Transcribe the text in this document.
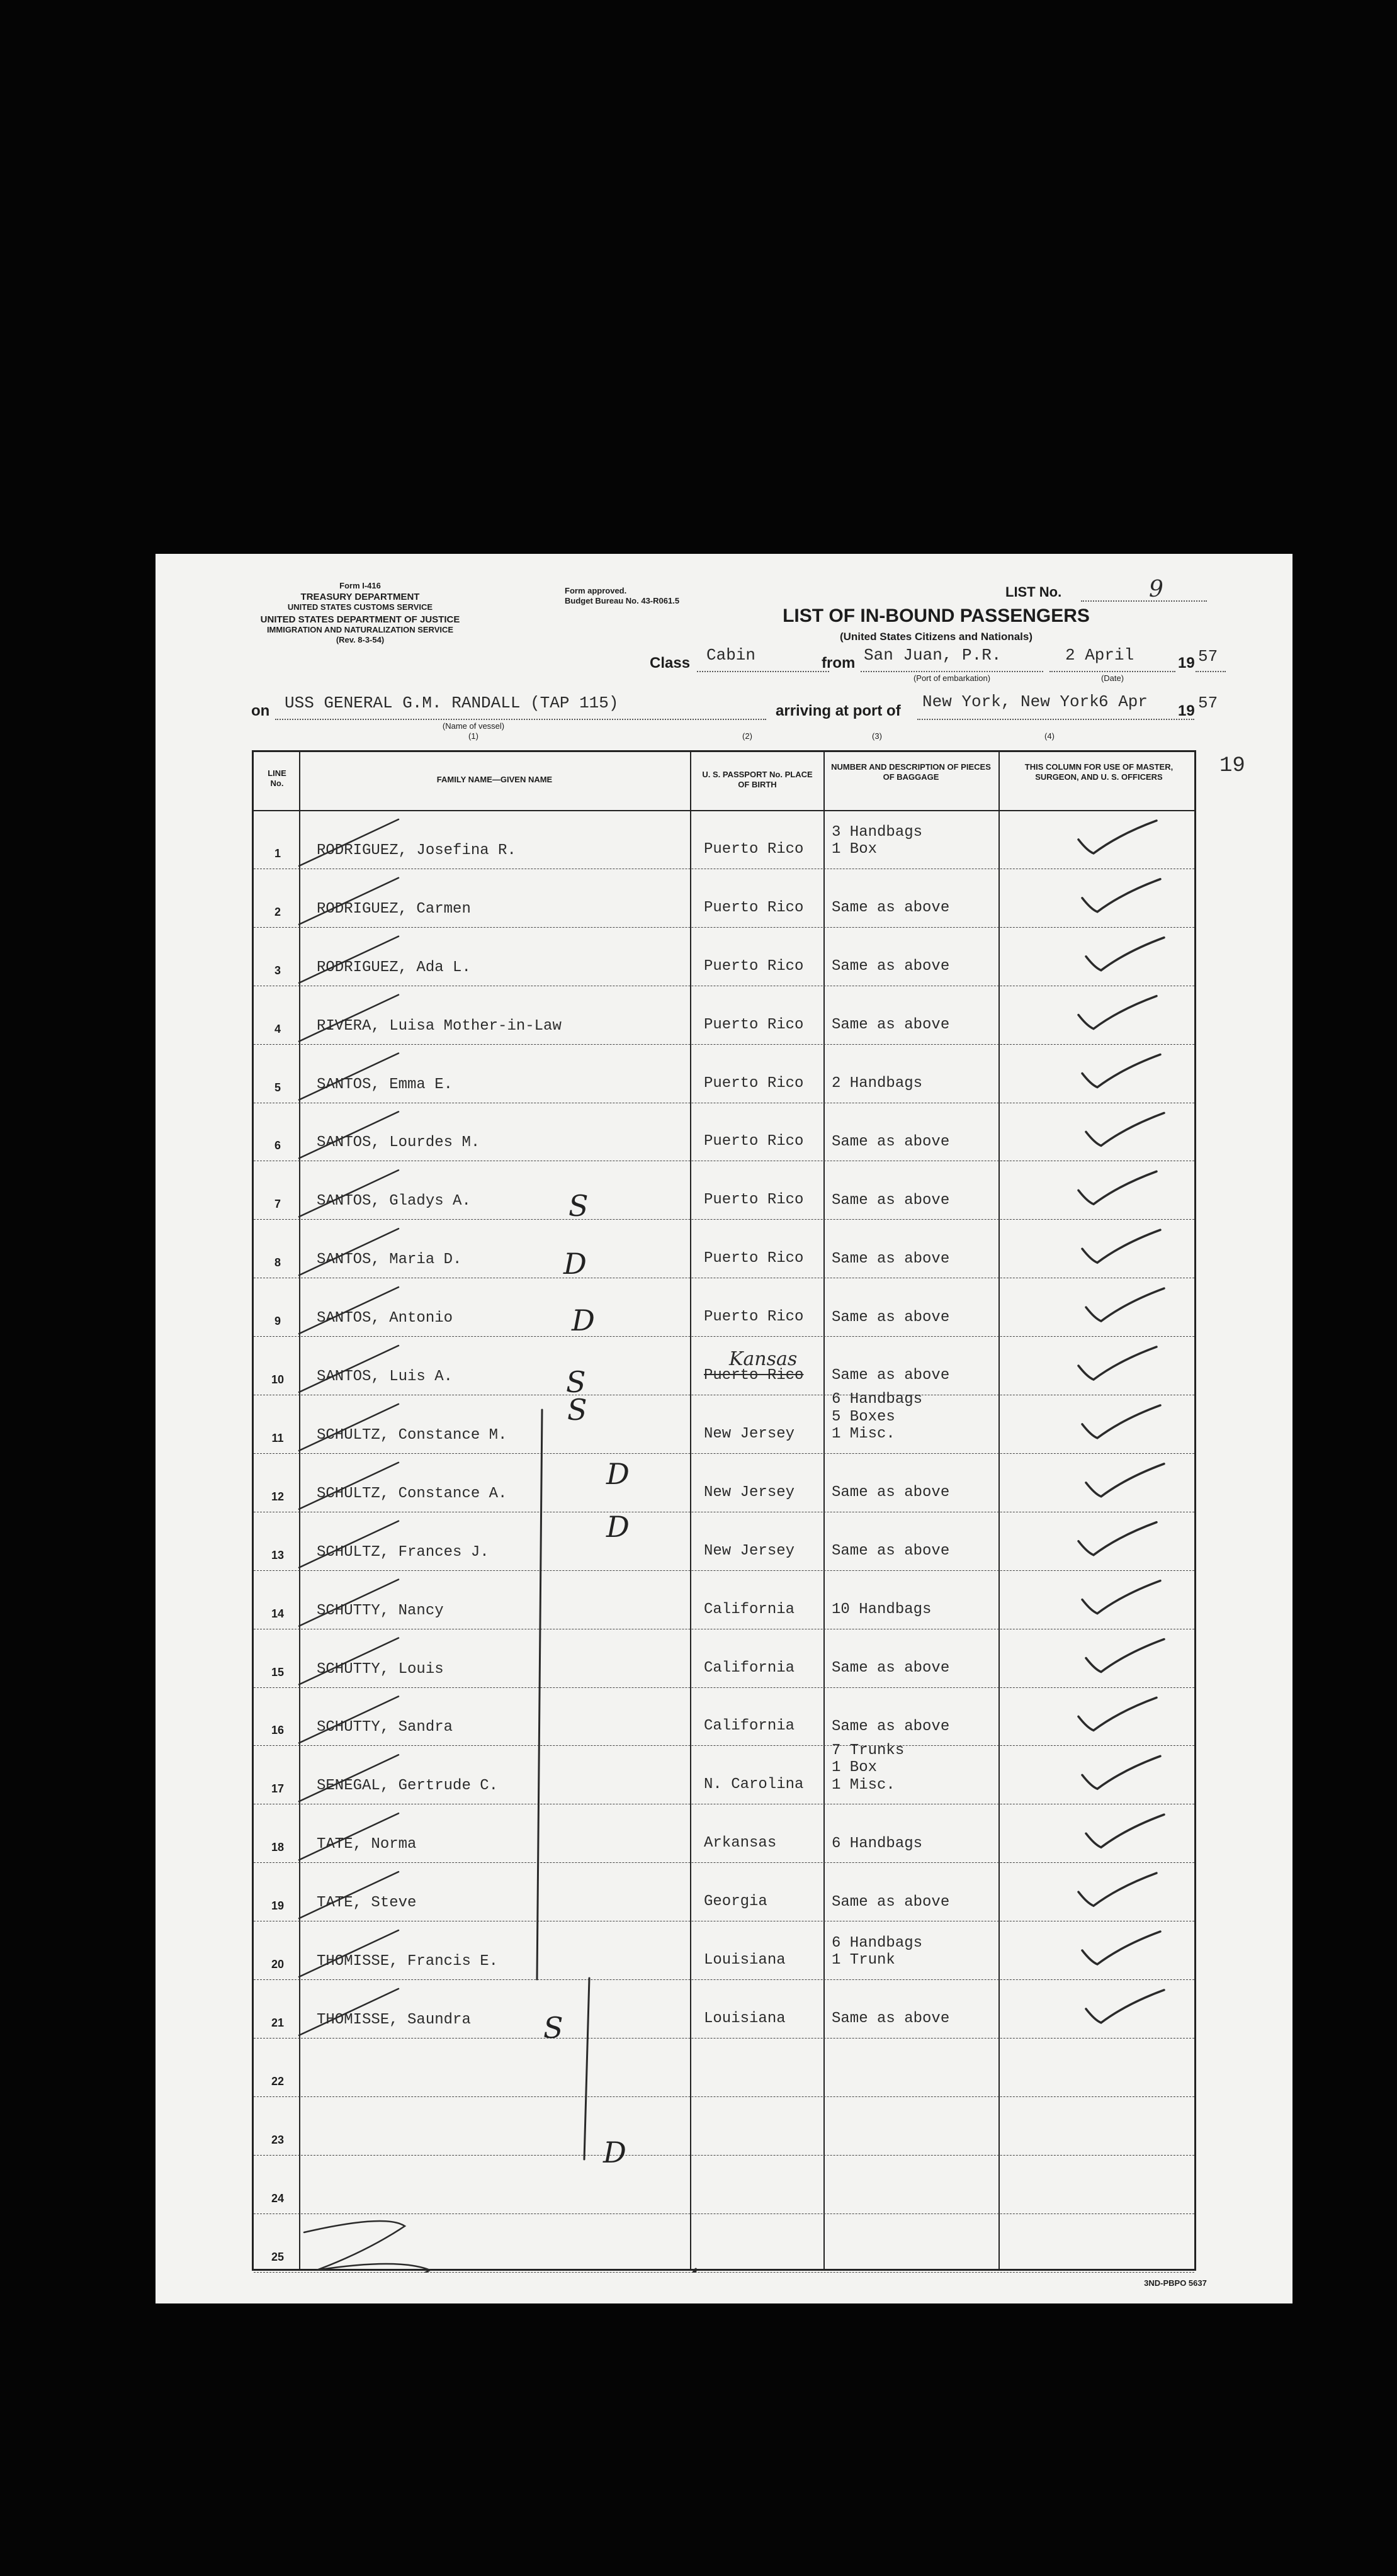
Form I-416
TREASURY DEPARTMENT
UNITED STATES CUSTOMS SERVICE
UNITED STATES DEPARTMENT OF JUSTICE
IMMIGRATION AND NATURALIZATION SERVICE
(Rev. 8-3-54)
Form approved.
Budget Bureau No. 43-R061.5
LIST No.	9
LIST OF IN-BOUND PASSENGERS
(United States Citizens and Nationals)
Class Cabin	from San Juan, P.R.
(Port of embarkation)
2 April
(Date)
19 57
on USS GENERAL G.M. RANDALL (TAP 115)
(Name of vessel)
(1)
arriving at port of New York, New York 6 Apr 19 57
(2)	(3)	(4)
19
LINE No.	FAMILY NAME—GIVEN NAME
U. S. PASSPORT No. PLACE OF BIRTH
NUMBER AND DESCRIPTION OF PIECES OF BAGGAGE
THIS COLUMN FOR USE OF MASTER, SURGEON, AND U. S. OFFICERS
1	RODRIGUEZ, Josefina R.	Puerto Rico
3 Handbags
1 Box
2	RODRIGUEZ, Carmen	Puerto Rico Same as above
3	RODRIGUEZ, Ada L.	Puerto Rico Same as above
4	RIVERA, Luisa Mother-in-Law	Puerto Rico Same as above
5	SANTOS, Emma E.	Puerto Rico 2 Handbags
6	SANTOS, Lourdes M.	Puerto Rico Same as above
7	SANTOS, Gladys A.	Puerto Rico Same as above
8	SANTOS, Maria D.	Puerto Rico Same as above
9	SANTOS, Antonio	Puerto Rico Same as above
10	SANTOS, Luis A.	Puerto Rico
Kansas
Same as above
11	SCHULTZ, Constance M.	New Jersey
6 Handbags
5 Boxes
1 Misc.
12	SCHULTZ, Constance A.	New Jersey Same as above
13	SCHULTZ, Frances J.	New Jersey Same as above
14	SCHUTTY, Nancy	California 10 Handbags
15	SCHUTTY, Louis	California Same as above
16	SCHUTTY, Sandra	California Same as above
17	SENEGAL, Gertrude C.	N. Carolina
7 Trunks
1 Box
1 Misc.
18	TATE, Norma	Arkansas	6 Handbags
19	TATE, Steve	Georgia	Same as above
20	THOMISSE, Francis E.	Louisiana
6 Handbags
1 Trunk
21	THOMISSE, Saundra	Louisiana	Same as above
22
23
24
25
S
D
D
S
S
D
D
S
D
3ND-PBPO 5637
